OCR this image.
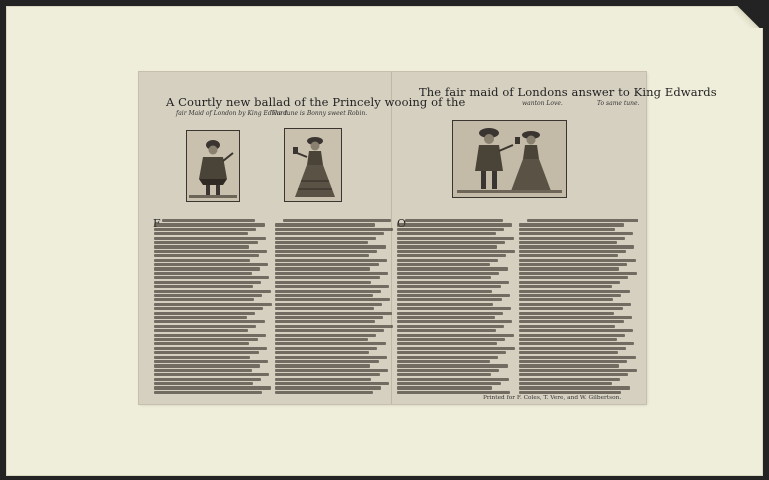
A Courtly new ballad of the Princely wooing of the
fair Maid of London by King Edward.
The tune is Bonny sweet Robin.
The fair maid of Londons answer to King Edwards
wanton Love.	To same tune.
Printed for F. Coles, T. Vere, and W. Gilbertson.
